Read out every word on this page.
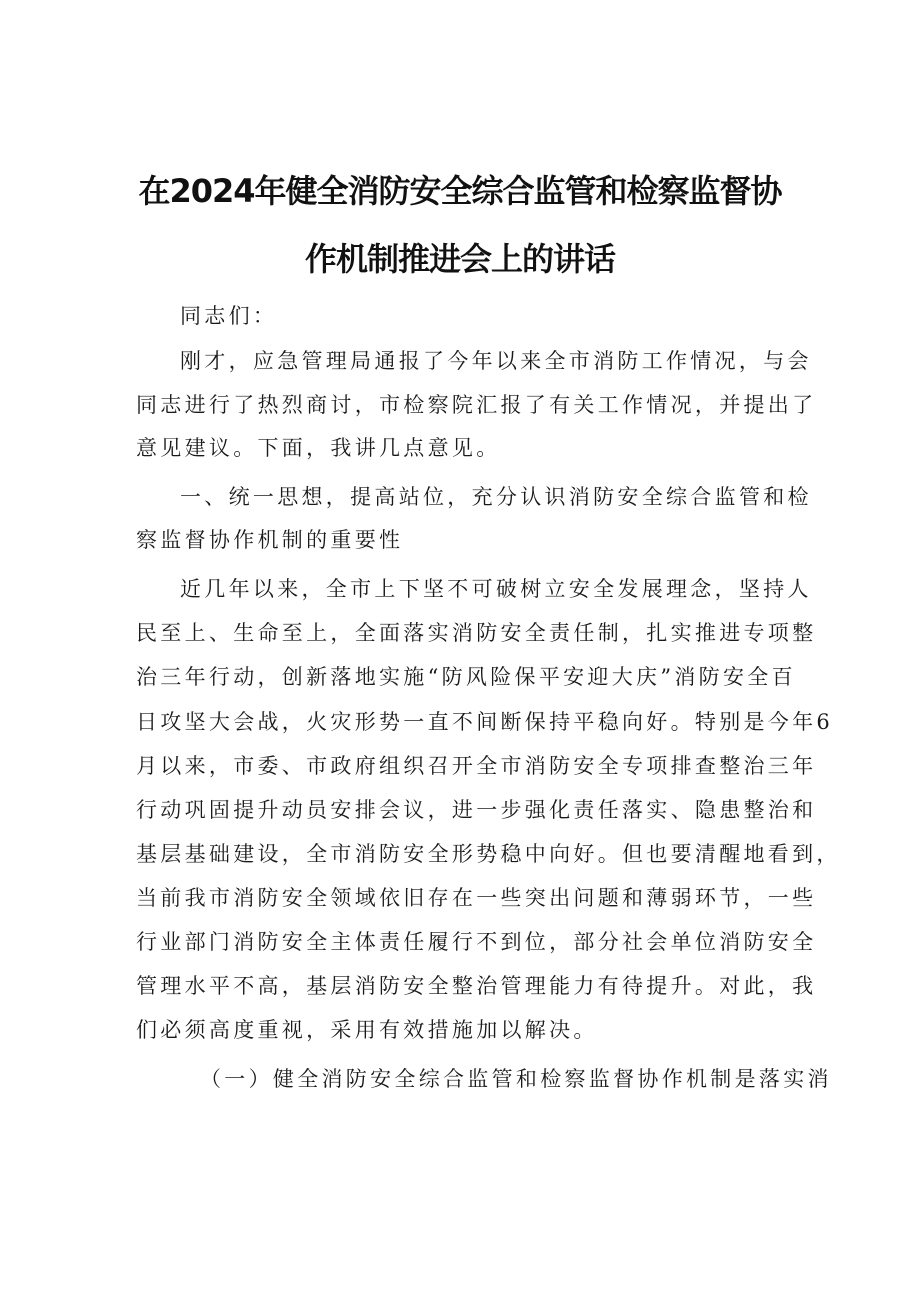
在2024年健全消防安全综合监管和检察监督协
作机制推进会上的讲话
同志们：
刚才，应急管理局通报了今年以来全市消防工作情况，与会
同志进行了热烈商讨，市检察院汇报了有关工作情况，并提出了
意见建议。下面，我讲几点意见。
一、统一思想，提高站位，充分认识消防安全综合监管和检
察监督协作机制的重要性
近几年以来，全市上下坚不可破树立安全发展理念，坚持人
民至上、生命至上，全面落实消防安全责任制，扎实推进专项整
治三年行动，创新落地实施“防风险保平安迎大庆”消防安全百
日攻坚大会战，火灾形势一直不间断保持平稳向好。特别是今年6
月以来，市委、市政府组织召开全市消防安全专项排查整治三年
行动巩固提升动员安排会议，进一步强化责任落实、隐患整治和
基层基础建设，全市消防安全形势稳中向好。但也要清醒地看到，
当前我市消防安全领域依旧存在一些突出问题和薄弱环节，一些
行业部门消防安全主体责任履行不到位，部分社会单位消防安全
管理水平不高，基层消防安全整治管理能力有待提升。对此，我
们必须高度重视，采用有效措施加以解决。
（一）健全消防安全综合监管和检察监督协作机制是落实消
